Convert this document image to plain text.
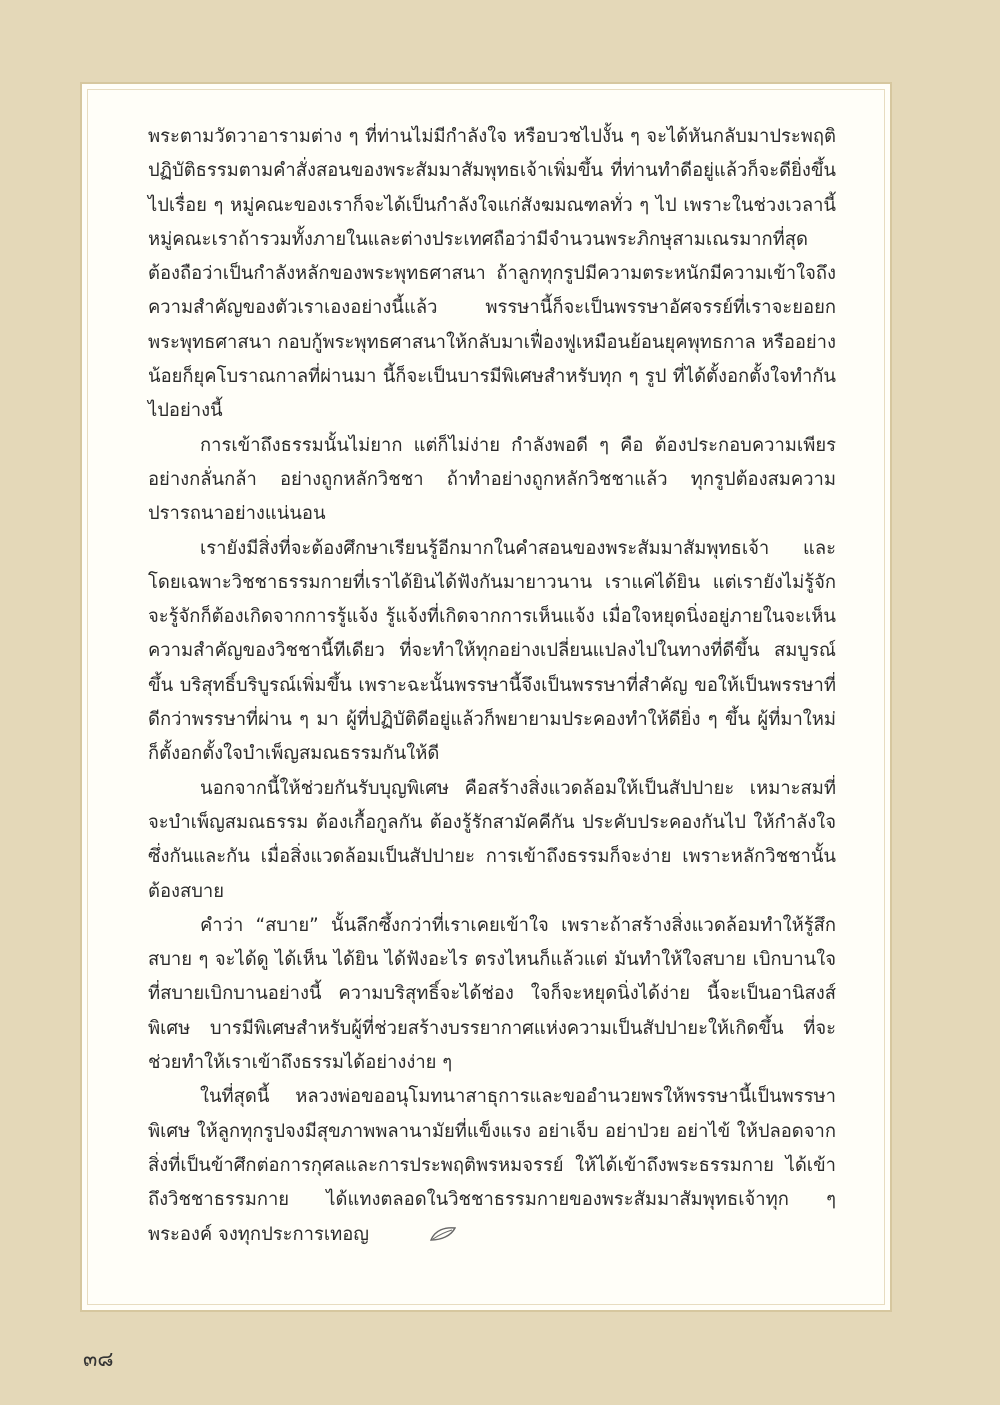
พระตามวัดวาอารามต่าง ๆ ที่ท่านไม่มีกำลังใจ หรือบวชไปงั้น ๆ จะได้หันกลับมาประพฤติปฏิบัติธรรมตามคำสั่งสอนของพระสัมมาสัมพุทธเจ้าเพิ่มขึ้น ที่ท่านทำดีอยู่แล้วก็จะดียิ่งขึ้นไปเรื่อย ๆ หมู่คณะของเราก็จะได้เป็นกำลังใจแก่สังฆมณฑลทั่ว ๆ ไป เพราะในช่วงเวลานี้ หมู่คณะเราถ้ารวมทั้งภายในและต่างประเทศถือว่ามีจำนวนพระภิกษุสามเณรมากที่สุด ต้องถือว่าเป็นกำลังหลักของพระพุทธศาสนา ถ้าลูกทุกรูปมีความตระหนักมีความเข้าใจถึงความสำคัญของตัวเราเองอย่างนี้แล้ว พรรษานี้ก็จะเป็นพรรษาอัศจรรย์ที่เราจะยอยกพระพุทธศาสนา กอบกู้พระพุทธศาสนาให้กลับมาเฟื่องฟูเหมือนย้อนยุคพุทธกาล หรืออย่างน้อยก็ยุคโบราณกาลที่ผ่านมา นี้ก็จะเป็นบารมีพิเศษสำหรับทุก ๆ รูป ที่ได้ตั้งอกตั้งใจทำกันไปอย่างนี้

การเข้าถึงธรรมนั้นไม่ยาก แต่ก็ไม่ง่าย กำลังพอดี ๆ คือ ต้องประกอบความเพียรอย่างกลั่นกล้า อย่างถูกหลักวิชชา ถ้าทำอย่างถูกหลักวิชชาแล้ว ทุกรูปต้องสมความปรารถนาอย่างแน่นอน

เรายังมีสิ่งที่จะต้องศึกษาเรียนรู้อีกมากในคำสอนของพระสัมมาสัมพุทธเจ้า และโดยเฉพาะวิชชาธรรมกายที่เราได้ยินได้ฟังกันมายาวนาน เราแค่ได้ยิน แต่เรายังไม่รู้จัก จะรู้จักก็ต้องเกิดจากการรู้แจ้ง รู้แจ้งที่เกิดจากการเห็นแจ้ง เมื่อใจหยุดนิ่งอยู่ภายในจะเห็นความสำคัญของวิชชานี้ทีเดียว ที่จะทำให้ทุกอย่างเปลี่ยนแปลงไปในทางที่ดีขึ้น สมบูรณ์ขึ้น บริสุทธิ์บริบูรณ์เพิ่มขึ้น เพราะฉะนั้นพรรษานี้จึงเป็นพรรษาที่สำคัญ ขอให้เป็นพรรษาที่ดีกว่าพรรษาที่ผ่าน ๆ มา ผู้ที่ปฏิบัติดีอยู่แล้วก็พยายามประคองทำให้ดียิ่ง ๆ ขึ้น ผู้ที่มาใหม่ก็ตั้งอกตั้งใจบำเพ็ญสมณธรรมกันให้ดี

นอกจากนี้ให้ช่วยกันรับบุญพิเศษ คือสร้างสิ่งแวดล้อมให้เป็นสัปปายะ เหมาะสมที่จะบำเพ็ญสมณธรรม ต้องเกื้อกูลกัน ต้องรู้รักสามัคคีกัน ประคับประคองกันไป ให้กำลังใจซึ่งกันและกัน เมื่อสิ่งแวดล้อมเป็นสัปปายะ การเข้าถึงธรรมก็จะง่าย เพราะหลักวิชชานั้นต้องสบาย

คำว่า “สบาย” นั้นลึกซึ้งกว่าที่เราเคยเข้าใจ เพราะถ้าสร้างสิ่งแวดล้อมทำให้รู้สึกสบาย ๆ จะได้ดู ได้เห็น ได้ยิน ได้ฟังอะไร ตรงไหนก็แล้วแต่ มันทำให้ใจสบาย เบิกบานใจที่สบายเบิกบานอย่างนี้ ความบริสุทธิ์จะได้ช่อง ใจก็จะหยุดนิ่งได้ง่าย นี้จะเป็นอานิสงส์พิเศษ บารมีพิเศษสำหรับผู้ที่ช่วยสร้างบรรยากาศแห่งความเป็นสัปปายะให้เกิดขึ้น ที่จะช่วยทำให้เราเข้าถึงธรรมได้อย่างง่าย ๆ

ในที่สุดนี้ หลวงพ่อขออนุโมทนาสาธุการและขออำนวยพรให้พรรษานี้เป็นพรรษาพิเศษ ให้ลูกทุกรูปจงมีสุขภาพพลานามัยที่แข็งแรง อย่าเจ็บ อย่าป่วย อย่าไข้ ให้ปลอดจากสิ่งที่เป็นข้าศึกต่อการกุศลและการประพฤติพรหมจรรย์ ให้ได้เข้าถึงพระธรรมกาย ได้เข้าถึงวิชชาธรรมกาย ได้แทงตลอดในวิชชาธรรมกายของพระสัมมาสัมพุทธเจ้าทุก ๆ พระองค์ จงทุกประการเทอญ

๓๘
